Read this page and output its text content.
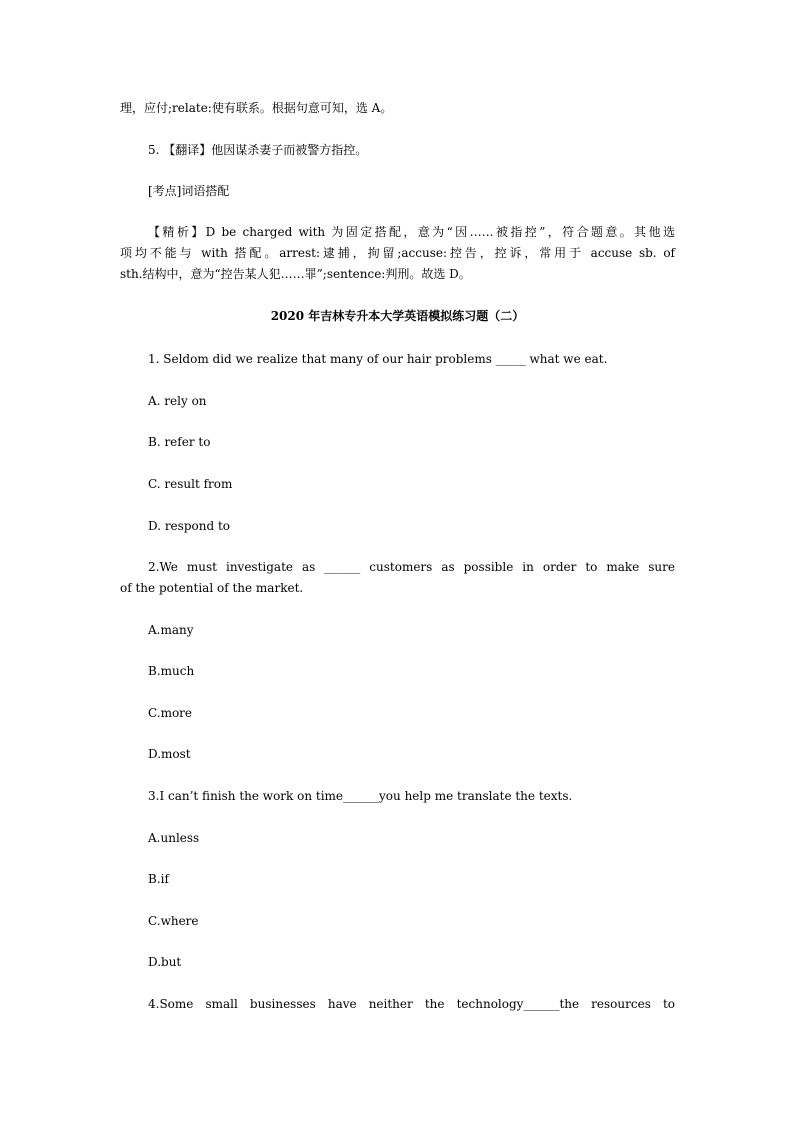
理，应付;relate:使有联系。根据句意可知，选 A。
5. 【翻译】他因谋杀妻子而被警方指控。
[考点]词语搭配
【精析】D be charged with 为固定搭配，意为“因……被指控”，符合题意。其他选
项均不能与 with 搭配。arrest:逮捕，拘留;accuse:控告，控诉，常用于 accuse sb. of
sth.结构中，意为“控告某人犯……罪”;sentence:判刑。故选 D。
2020 年吉林专升本大学英语模拟练习题（二）
1. Seldom did we realize that many of our hair problems _____ what we eat.
A. rely on
B. refer to
C. result from
D. respond to
2.We must investigate as ______ customers as possible in order to make sure
of the potential of the market.
A.many
B.much
C.more
D.most
3.I can’t finish the work on time______you help me translate the texts.
A.unless
B.if
C.where
D.but
4.Some small businesses have neither the technology______the resources to
